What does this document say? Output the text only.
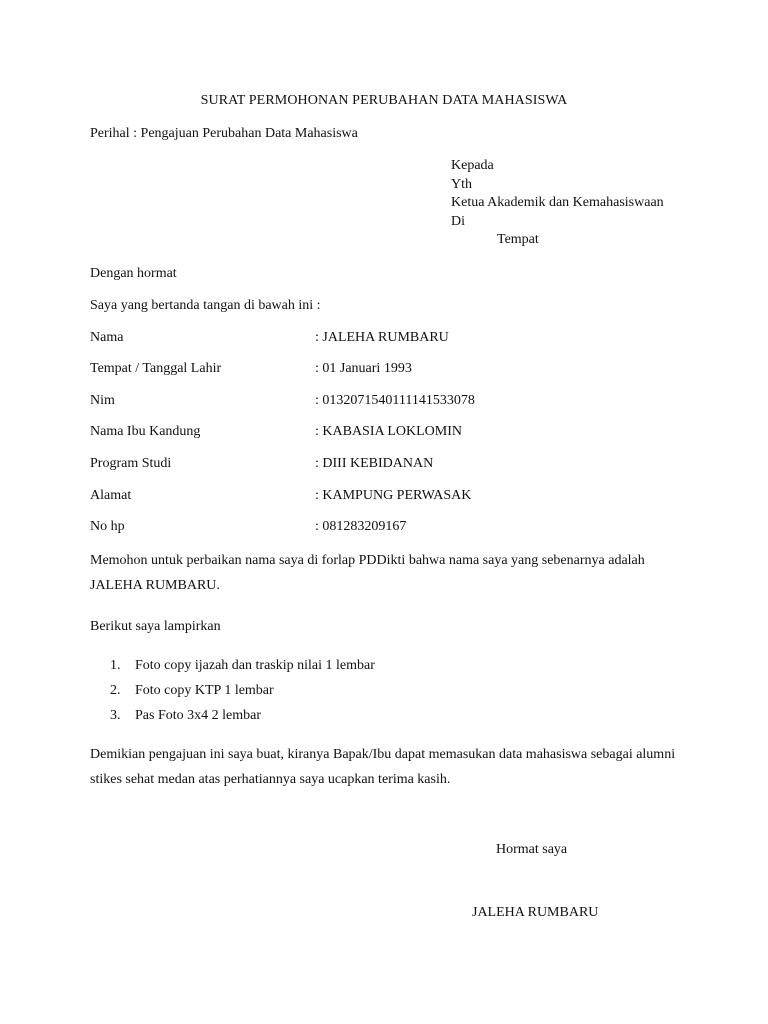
SURAT PERMOHONAN PERUBAHAN DATA MAHASISWA
Perihal : Pengajuan Perubahan Data Mahasiswa
Kepada
Yth
Ketua Akademik dan Kemahasiswaan
Di
Tempat
Dengan hormat
Saya yang bertanda tangan di bawah ini :
Nama	: JALEHA RUMBARU
Tempat / Tanggal Lahir	: 01 Januari 1993
Nim	: 0132071540111141533078
Nama Ibu Kandung	: KABASIA LOKLOMIN
Program Studi	: DIII KEBIDANAN
Alamat	: KAMPUNG PERWASAK
No hp	: 081283209167
Memohon untuk perbaikan nama saya di forlap PDDikti bahwa nama saya yang sebenarnya adalah
JALEHA RUMBARU.
Berikut saya lampirkan
1. Foto copy ijazah dan traskip nilai 1 lembar
2. Foto copy KTP 1 lembar
3. Pas Foto 3x4 2 lembar
Demikian pengajuan ini saya buat, kiranya Bapak/Ibu dapat memasukan data mahasiswa sebagai alumni
stikes sehat medan atas perhatiannya saya ucapkan terima kasih.
Hormat saya
JALEHA RUMBARU
